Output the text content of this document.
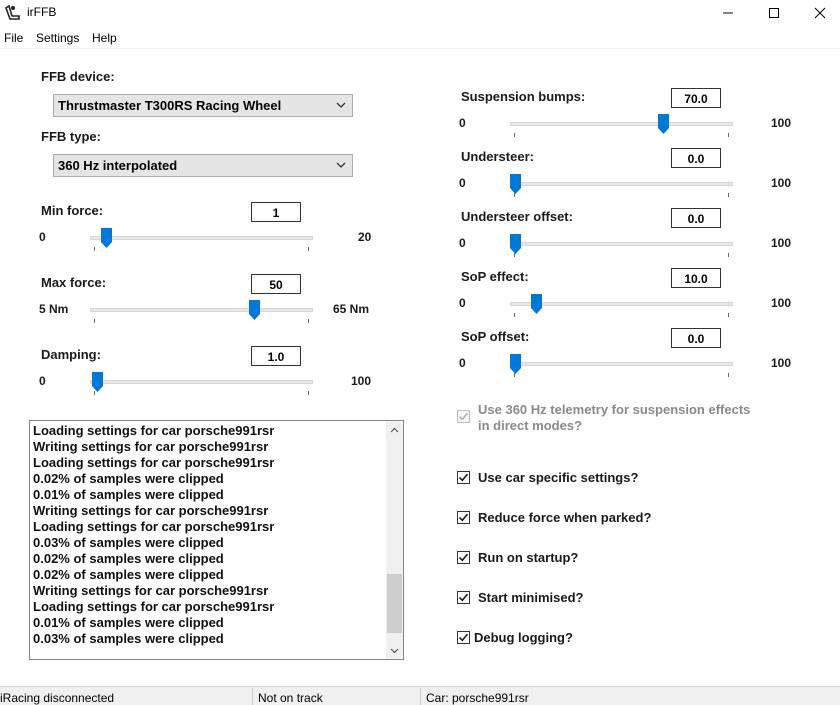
irFFB
File Settings Help
FFB device:
Thrustmaster T300RS Racing Wheel
FFB type:
360 Hz interpolated
Min force:	1
0	20
Max force:	50
5 Nm	65 Nm
Damping:	1.0
0	100
Suspension bumps:	70.0
0	100
Understeer:	0.0
0	100
Understeer offset:	0.0
0	100
SoP effect:	10.0
0	100
SoP offset:	0.0
0	100
Loading settings for car porsche991rsr
Writing settings for car porsche991rsr
Loading settings for car porsche991rsr
0.02% of samples were clipped
0.01% of samples were clipped
Writing settings for car porsche991rsr
Loading settings for car porsche991rsr
0.03% of samples were clipped
0.02% of samples were clipped
0.02% of samples were clipped
Writing settings for car porsche991rsr
Loading settings for car porsche991rsr
0.01% of samples were clipped
0.03% of samples were clipped
Use 360 Hz telemetry for suspension effects
in direct modes?
Use car specific settings?
Reduce force when parked?
Run on startup?
Start minimised?
Debug logging?
iRacing disconnected	Not on track	Car: porsche991rsr
